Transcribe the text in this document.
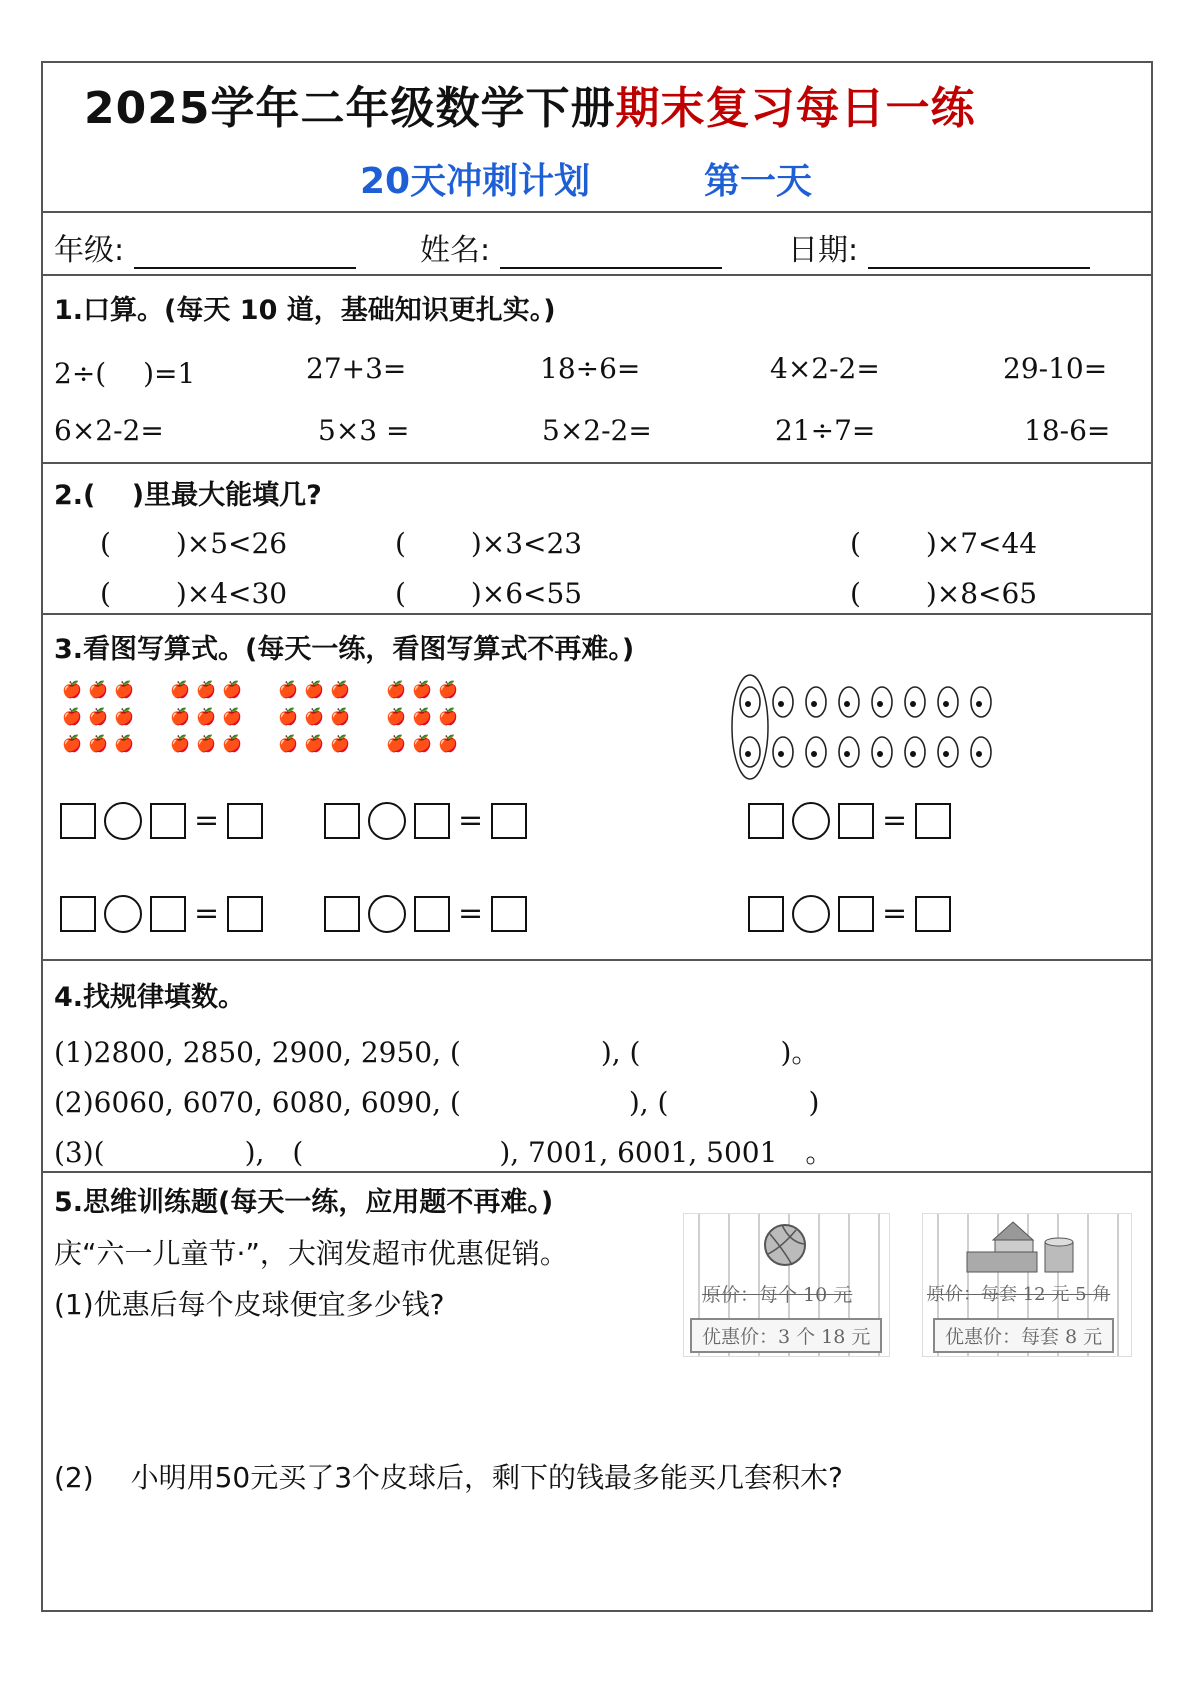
2025学年二年级数学下册期末复习每日一练
20天冲刺计划	第一天
年级:	姓名:	日期:
1.口算。(每天 10 道，基础知识更扎实。)
2÷(　 )=1	27+3=	18÷6=	4×2-2=	29-10=
6×2-2=	5×3 =	5×2-2=	21÷7=	18-6=
2.(　 )里最大能填几?
(　　 )×5<26	(　　 )×3<23	(　　 )×7<44
(　　 )×4<30	(　　 )×6<55	(　　 )×8<65
3.看图写算式。(每天一练，看图写算式不再难。)
🍎 🍎 🍎
🍎 🍎 🍎
🍎 🍎 🍎
🍎 🍎 🍎
🍎 🍎 🍎
🍎 🍎 🍎
🍎 🍎 🍎
🍎 🍎 🍎
🍎 🍎 🍎
🍎 🍎 🍎
🍎 🍎 🍎
🍎 🍎 🍎
=	=	=
=	=	=
4.找规律填数。
(1)2800, 2850, 2900, 2950, (　　　　　), (　　　　　)。
(2)6060, 6070, 6080, 6090, (　　　　　　), (　　　　　)
(3)(　　　　　),　(　　　　　　　), 7001, 6001, 5001　。
5.思维训练题(每天一练，应用题不再难。)
庆“六一儿童节·”，大润发超市优惠促销。
(1)优惠后每个皮球便宜多少钱?
(2)　 小明用50元买了3个皮球后，剩下的钱最多能买几套积木?
原价：每个 10 元
优惠价：3 个 18 元
原价：每套 12 元 5 角
优惠价：每套 8 元
